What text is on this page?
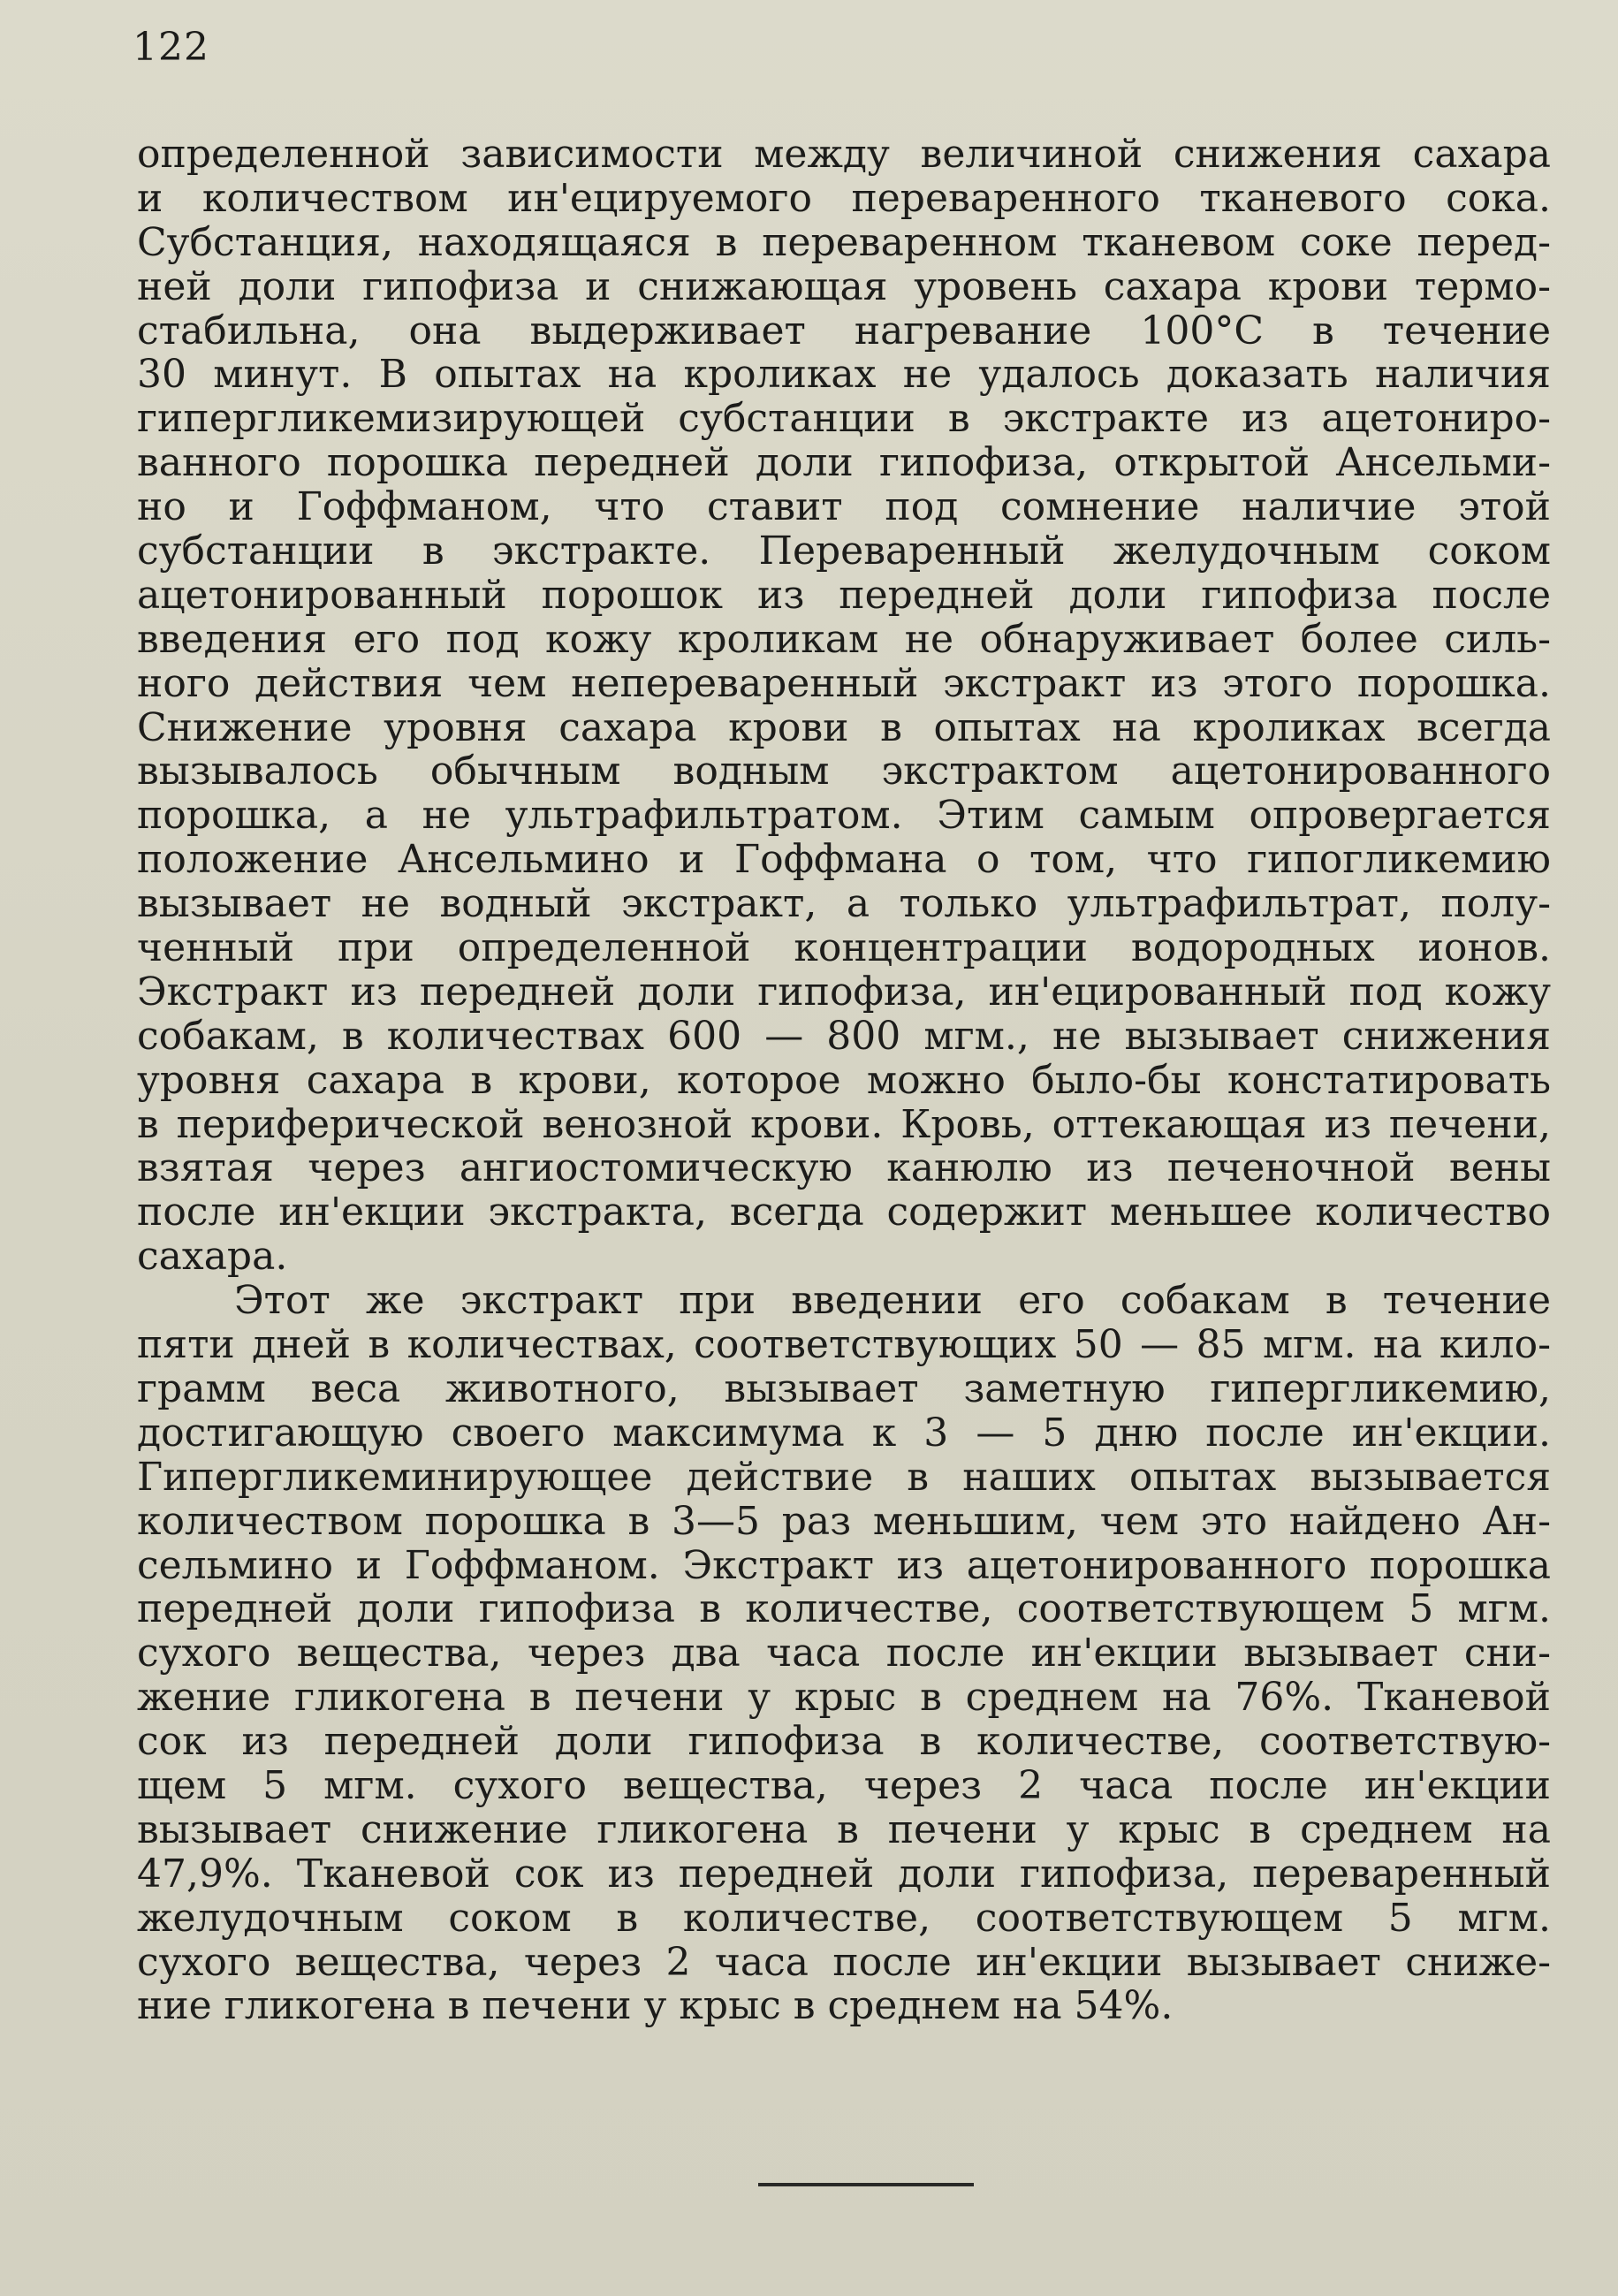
122
определенной зависимости между величиной снижения сахара
и количеством ин'ецируемого переваренного тканевого сока.
Субстанция, находящаяся в переваренном тканевом соке перед-
ней доли гипофиза и снижающая уровень сахара крови термо-
стабильна, она выдерживает нагревание 100°C в течение
30 минут. В опытах на кроликах не удалось доказать наличия
гипергликемизирующей субстанции в экстракте из ацетониро-
ванного порошка передней доли гипофиза, открытой Ансельми-
но и Гоффманом, что ставит под сомнение наличие этой
субстанции в экстракте. Переваренный желудочным соком
ацетонированный порошок из передней доли гипофиза после
введения его под кожу кроликам не обнаруживает более силь-
ного действия чем непереваренный экстракт из этого порошка.
Снижение уровня сахара крови в опытах на кроликах всегда
вызывалось обычным водным экстрактом ацетонированного
порошка, а не ультрафильтратом. Этим самым опровергается
положение Ансельмино и Гоффмана о том, что гипогликемию
вызывает не водный экстракт, а только ультрафильтрат, полу-
ченный при определенной концентрации водородных ионов.
Экстракт из передней доли гипофиза, ин'ецированный под кожу
собакам, в количествах 600 — 800 мгм., не вызывает снижения
уровня сахара в крови, которое можно было-бы констатировать
в периферической венозной крови. Кровь, оттекающая из печени,
взятая через ангиостомическую канюлю из печеночной вены
после ин'екции экстракта, всегда содержит меньшее количество
сахара.
Этот же экстракт при введении его собакам в течение
пяти дней в количествах, соответствующих 50 — 85 мгм. на кило-
грамм веса животного, вызывает заметную гипергликемию,
достигающую своего максимума к 3 — 5 дню после ин'екции.
Гипергликеминирующее действие в наших опытах вызывается
количеством порошка в 3—5 раз меньшим, чем это найдено Ан-
сельмино и Гоффманом. Экстракт из ацетонированного порошка
передней доли гипофиза в количестве, соответствующем 5 мгм.
сухого вещества, через два часа после ин'екции вызывает сни-
жение гликогена в печени у крыс в среднем на 76%. Тканевой
сок из передней доли гипофиза в количестве, соответствую-
щем 5 мгм. сухого вещества, через 2 часа после ин'екции
вызывает снижение гликогена в печени у крыс в среднем на
47,9%. Тканевой сок из передней доли гипофиза, переваренный
желудочным соком в количестве, соответствующем 5 мгм.
сухого вещества, через 2 часа после ин'екции вызывает сниже-
ние гликогена в печени у крыс в среднем на 54%.
